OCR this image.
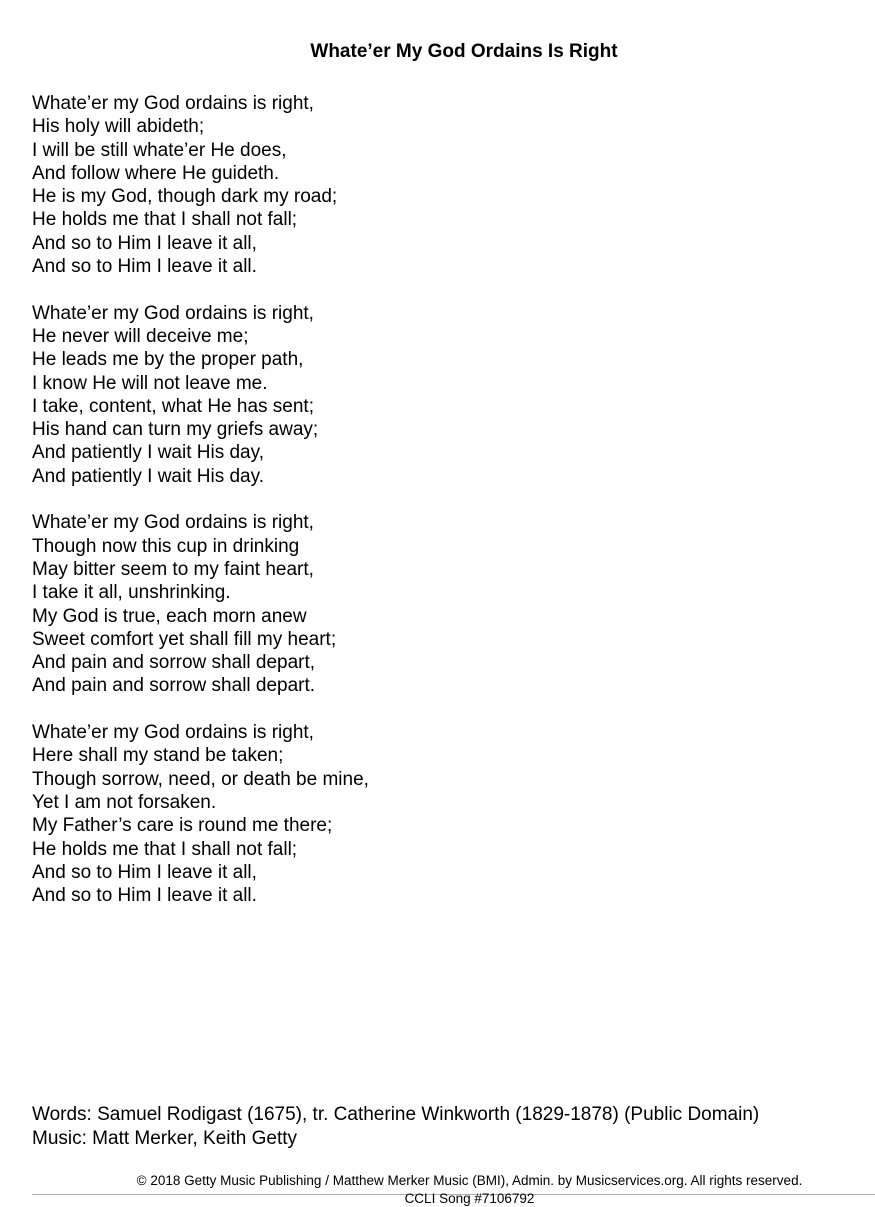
Whate’er My God Ordains Is Right
Whate’er my God ordains is right,
His holy will abideth;
I will be still whate’er He does,
And follow where He guideth.
He is my God, though dark my road;
He holds me that I shall not fall;
And so to Him I leave it all,
And so to Him I leave it all.
Whate’er my God ordains is right,
He never will deceive me;
He leads me by the proper path,
I know He will not leave me.
I take, content, what He has sent;
His hand can turn my griefs away;
And patiently I wait His day,
And patiently I wait His day.
Whate’er my God ordains is right,
Though now this cup in drinking
May bitter seem to my faint heart,
I take it all, unshrinking.
My God is true, each morn anew
Sweet comfort yet shall fill my heart;
And pain and sorrow shall depart,
And pain and sorrow shall depart.
Whate’er my God ordains is right,
Here shall my stand be taken;
Though sorrow, need, or death be mine,
Yet I am not forsaken.
My Father’s care is round me there;
He holds me that I shall not fall;
And so to Him I leave it all,
And so to Him I leave it all.
Words: Samuel Rodigast (1675), tr. Catherine Winkworth (1829-1878) (Public Domain)
Music: Matt Merker, Keith Getty
© 2018 Getty Music Publishing / Matthew Merker Music (BMI), Admin. by Musicservices.org. All rights reserved.
CCLI Song #7106792
